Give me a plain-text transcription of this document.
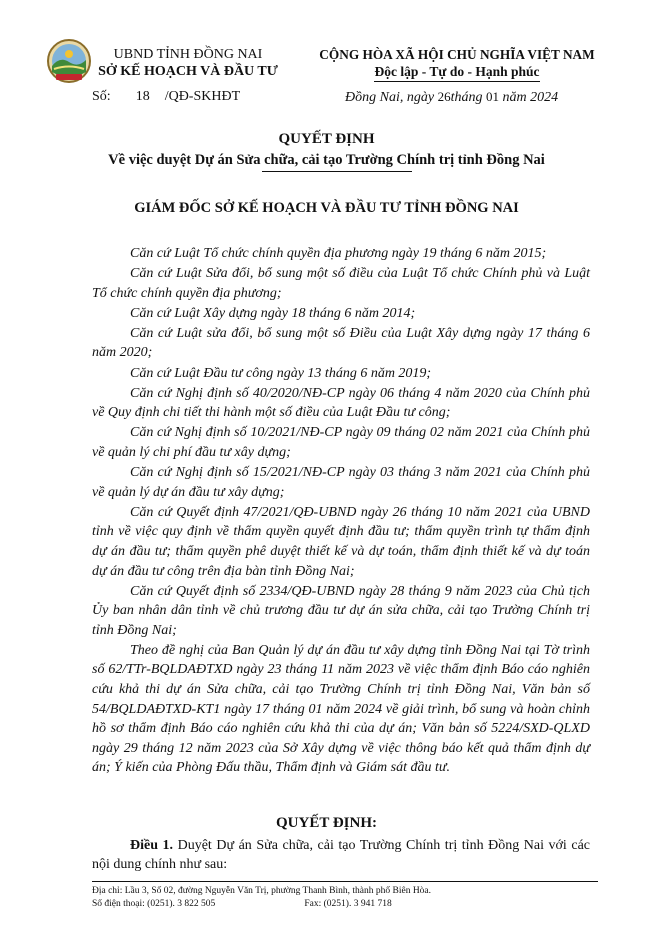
UBND TỈNH ĐỒNG NAI
SỞ KẾ HOẠCH VÀ ĐẦU TƯ
CỘNG HÒA XÃ HỘI CHỦ NGHĨA VIỆT NAM
Độc lập - Tự do - Hạnh phúc
Số: 18 /QĐ-SKHĐT	Đồng Nai, ngày 26tháng 01 năm 2024
QUYẾT ĐỊNH
Về việc duyệt Dự án Sửa chữa, cải tạo Trường Chính trị tỉnh Đồng Nai
GIÁM ĐỐC SỞ KẾ HOẠCH VÀ ĐẦU TƯ TỈNH ĐỒNG NAI

Căn cứ Luật Tổ chức chính quyền địa phương ngày 19 tháng 6 năm 2015;

Căn cứ Luật Sửa đổi, bổ sung một số điều của Luật Tổ chức Chính phủ và Luật Tổ chức chính quyền địa phương;

Căn cứ Luật Xây dựng ngày 18 tháng 6 năm 2014;

Căn cứ Luật sửa đổi, bổ sung một số Điều của Luật Xây dựng ngày 17 tháng 6 năm 2020;

Căn cứ Luật Đầu tư công ngày 13 tháng 6 năm 2019;

Căn cứ Nghị định số 40/2020/NĐ-CP ngày 06 tháng 4 năm 2020 của Chính phủ về Quy định chi tiết thi hành một số điều của Luật Đầu tư công;

Căn cứ Nghị định số 10/2021/NĐ-CP ngày 09 tháng 02 năm 2021 của Chính phủ về quản lý chi phí đầu tư xây dựng;

Căn cứ Nghị định số 15/2021/NĐ-CP ngày 03 tháng 3 năm 2021 của Chính phủ về quản lý dự án đầu tư xây dựng;

Căn cứ Quyết định 47/2021/QĐ-UBND ngày 26 tháng 10 năm 2021 của UBND tỉnh về việc quy định về thẩm quyền quyết định đầu tư; thẩm quyền trình tự thẩm định dự án đầu tư; thẩm quyền phê duyệt thiết kế và dự toán, thẩm định thiết kế và dự toán dự án đầu tư công trên địa bàn tỉnh Đồng Nai;

Căn cứ Quyết định số 2334/QĐ-UBND ngày 28 tháng 9 năm 2023 của Chủ tịch Ủy ban nhân dân tỉnh về chủ trương đầu tư dự án sửa chữa, cải tạo Trường Chính trị tỉnh Đồng Nai;

Theo đề nghị của Ban Quản lý dự án đầu tư xây dựng tỉnh Đồng Nai tại Tờ trình số 62/TTr-BQLDAĐTXD ngày 23 tháng 11 năm 2023 về việc thẩm định Báo cáo nghiên cứu khả thi dự án Sửa chữa, cải tạo Trường Chính trị tỉnh Đồng Nai, Văn bản số 54/BQLDAĐTXD-KT1 ngày 17 tháng 01 năm 2024 về giải trình, bổ sung và hoàn chỉnh hồ sơ thẩm định Báo cáo nghiên cứu khả thi của dự án; Văn bản số 5224/SXD-QLXD ngày 29 tháng 12 năm 2023 của Sở Xây dựng về việc thông báo kết quả thẩm định dự án; Ý kiến của Phòng Đấu thầu, Thẩm định và Giám sát đầu tư.

QUYẾT ĐỊNH:
Điều 1. Duyệt Dự án Sửa chữa, cải tạo Trường Chính trị tỉnh Đồng Nai với các nội dung chính như sau:
Địa chỉ: Lầu 3, Số 02, đường Nguyễn Văn Trị, phường Thanh Bình, thành phố Biên Hòa.
Số điện thoại: (0251). 3 822 505	Fax: (0251). 3 941 718
